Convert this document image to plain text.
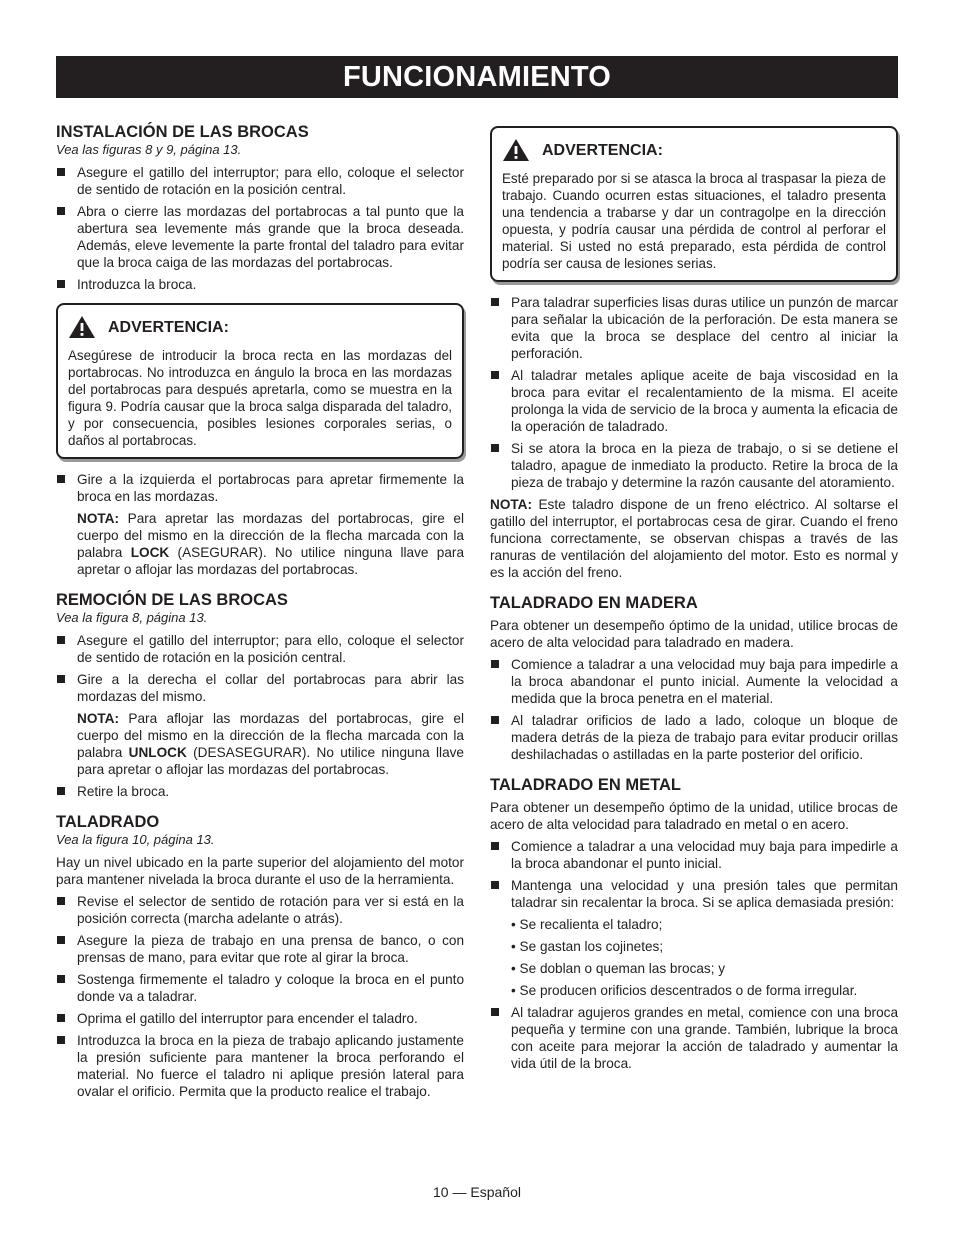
FUNCIONAMIENTO
INSTALACIÓN DE LAS BROCAS
Vea las figuras 8 y 9, página 13.
Asegure el gatillo del interruptor; para ello, coloque el selector de sentido de rotación en la posición central.
Abra o cierre las mordazas del portabrocas a tal punto que la abertura sea levemente más grande que la broca deseada. Además, eleve levemente la parte frontal del taladro para evitar que la broca caiga de las mordazas del portabrocas.
Introduzca la broca.
ADVERTENCIA:

Asegúrese de introducir la broca recta en las mordazas del portabrocas. No introduzca en ángulo la broca en las mordazas del portabrocas para después apretarla, como se muestra en la figura 9. Podría causar que la broca salga disparada del taladro, y por consecuencia, posibles lesiones corporales serias, o daños al portabrocas.

Gire a la izquierda el portabrocas para apretar firmemente la broca en las mordazas.
NOTA: Para apretar las mordazas del portabrocas, gire el cuerpo del mismo en la dirección de la flecha marcada con la palabra LOCK (ASEGURAR). No utilice ninguna llave para apretar o aflojar las mordazas del portabrocas.
REMOCIÓN DE LAS BROCAS
Vea la figura 8, página 13.
Asegure el gatillo del interruptor; para ello, coloque el selector de sentido de rotación en la posición central.
Gire a la derecha el collar del portabrocas para abrir las mordazas del mismo.
NOTA: Para aflojar las mordazas del portabrocas, gire el cuerpo del mismo en la dirección de la flecha marcada con la palabra UNLOCK (DESASEGURAR). No utilice ninguna llave para apretar o aflojar las mordazas del portabrocas.
Retire la broca.
TALADRADO
Vea la figura 10, página 13.

Hay un nivel ubicado en la parte superior del alojamiento del motor para mantener nivelada la broca durante el uso de la herramienta.

Revise el selector de sentido de rotación para ver si está en la posición correcta (marcha adelante o atrás).
Asegure la pieza de trabajo en una prensa de banco, o con prensas de mano, para evitar que rote al girar la broca.
Sostenga firmemente el taladro y coloque la broca en el punto donde va a taladrar.
Oprima el gatillo del interruptor para encender el taladro.
Introduzca la broca en la pieza de trabajo aplicando justamente la presión suficiente para mantener la broca perforando el material. No fuerce el taladro ni aplique presión lateral para ovalar el orificio. Permita que la producto realice el trabajo.
ADVERTENCIA:

Esté preparado por si se atasca la broca al traspasar la pieza de trabajo. Cuando ocurren estas situaciones, el taladro presenta una tendencia a trabarse y dar un contragolpe en la dirección opuesta, y podría causar una pérdida de control al perforar el material. Si usted no está preparado, esta pérdida de control podría ser causa de lesiones serias.

Para taladrar superficies lisas duras utilice un punzón de marcar para señalar la ubicación de la perforación. De esta manera se evita que la broca se desplace del centro al iniciar la perforación.
Al taladrar metales aplique aceite de baja viscosidad en la broca para evitar el recalentamiento de la misma. El aceite prolonga la vida de servicio de la broca y aumenta la eficacia de la operación de taladrado.
Si se atora la broca en la pieza de trabajo, o si se detiene el taladro, apague de inmediato la producto. Retire la broca de la pieza de trabajo y determine la razón causante del atoramiento.

NOTA: Este taladro dispone de un freno eléctrico. Al soltarse el gatillo del interruptor, el portabrocas cesa de girar. Cuando el freno funciona correctamente, se observan chispas a través de las ranuras de ventilación del alojamiento del motor. Esto es normal y es la acción del freno.

TALADRADO EN MADERA

Para obtener un desempeño óptimo de la unidad, utilice brocas de acero de alta velocidad para taladrado en madera.

Comience a taladrar a una velocidad muy baja para impedirle a la broca abandonar el punto inicial. Aumente la velocidad a medida que la broca penetra en el material.
Al taladrar orificios de lado a lado, coloque un bloque de madera detrás de la pieza de trabajo para evitar producir orillas deshilachadas o astilladas en la parte posterior del orificio.
TALADRADO EN METAL

Para obtener un desempeño óptimo de la unidad, utilice brocas de acero de alta velocidad para taladrado en metal o en acero.

Comience a taladrar a una velocidad muy baja para impedirle a la broca abandonar el punto inicial.
Mantenga una velocidad y una presión tales que permitan taladrar sin recalentar la broca. Si se aplica demasiada presión:
• Se recalienta el taladro;
• Se gastan los cojinetes;
• Se doblan o queman las brocas; y
• Se producen orificios descentrados o de forma irregular.
Al taladrar agujeros grandes en metal, comience con una broca pequeña y termine con una grande. También, lubrique la broca con aceite para mejorar la acción de taladrado y aumentar la vida útil de la broca.
10 — Español
